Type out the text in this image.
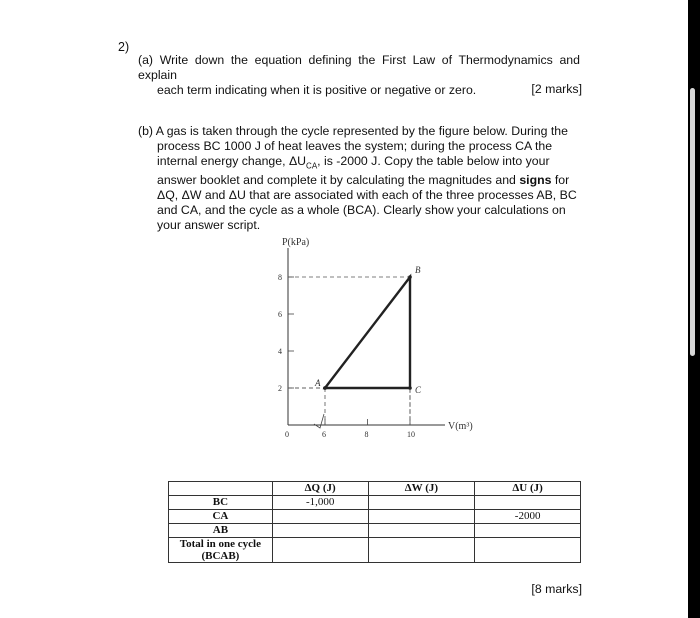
2)
(a) Write down the equation defining the First Law of Thermodynamics and explain
each term indicating when it is positive or negative or zero.	[2 marks]
(b) A gas is taken through the cycle represented by the figure below. During the
process BC 1000 J of heat leaves the system; during the process CA the
internal energy change, $\Delta U_{CA}$, is -2000 J. Copy the table below into your
answer booklet and complete it by calculating the magnitudes and signs for
ΔQ, ΔW and ΔU that are associated with each of the three processes AB, BC
and CA, and the cycle as a whole (BCA). Clearly show your calculations on
your answer script.
P(kPa)
V(m³)
2
4
6
8
0	6	8	10
A
B
C
	ΔQ (J)	ΔW (J)	ΔU (J)
BC	-1,000		
CA			-2000
AB			

Total in one cycle
(BCAB)			

[8 marks]
